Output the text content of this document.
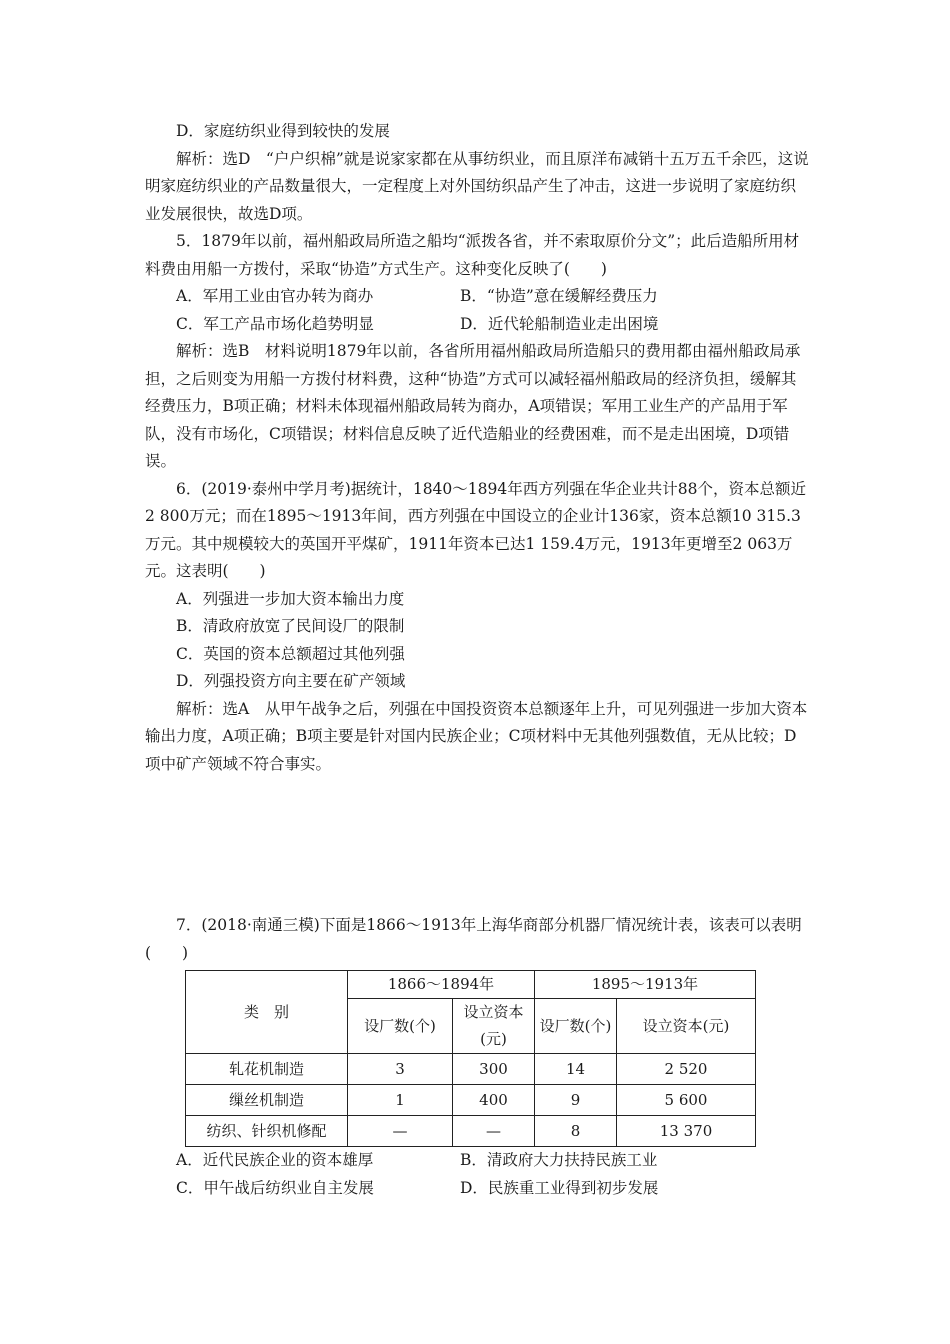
D．家庭纺织业得到较快的发展

解析：选D　“户户织棉”就是说家家都在从事纺织业，而且原洋布减销十五万五千余匹，这说明家庭纺织业的产品数量很大，一定程度上对外国纺织品产生了冲击，这进一步说明了家庭纺织业发展很快，故选D项。

5．1879年以前，福州船政局所造之船均“派拨各省，并不索取原价分文”；此后造船所用材料费由用船一方拨付，采取“协造”方式生产。这种变化反映了(　　)

A．军用工业由官办转为商办	B．“协造”意在缓解经费压力
C．军工产品市场化趋势明显	D．近代轮船制造业走出困境

解析：选B　材料说明1879年以前，各省所用福州船政局所造船只的费用都由福州船政局承担，之后则变为用船一方拨付材料费，这种“协造”方式可以减轻福州船政局的经济负担，缓解其经费压力，B项正确；材料未体现福州船政局转为商办，A项错误；军用工业生产的产品用于军队，没有市场化，C项错误；材料信息反映了近代造船业的经费困难，而不是走出困境，D项错误。

6．(2019·泰州中学月考)据统计，1840～1894年西方列强在华企业共计88个，资本总额近2 800万元；而在1895～1913年间，西方列强在中国设立的企业计136家，资本总额10 315.3万元。其中规模较大的英国开平煤矿，1911年资本已达1 159.4万元，1913年更增至2 063万元。这表明(　　)

A．列强进一步加大资本输出力度

B．清政府放宽了民间设厂的限制

C．英国的资本总额超过其他列强

D．列强投资方向主要在矿产领域

解析：选A　从甲午战争之后，列强在中国投资资本总额逐年上升，可见列强进一步加大资本输出力度，A项正确；B项主要是针对国内民族企业；C项材料中无其他列强数值，无从比较；D项中矿产领域不符合事实。

7．(2018·南通三模)下面是1866～1913年上海华商部分机器厂情况统计表，该表可以表明(　　)

类　别	1866～1894年		1895～1913年	
	设厂数(个)	设立资本(元)	设厂数(个)	设立资本(元)
轧花机制造	3	300	14	2 520
缫丝机制造	1	400	9	5 600
纺织、针织机修配	—	—	8	13 370
A．近代民族企业的资本雄厚	B．清政府大力扶持民族工业
C．甲午战后纺织业自主发展	D．民族重工业得到初步发展
